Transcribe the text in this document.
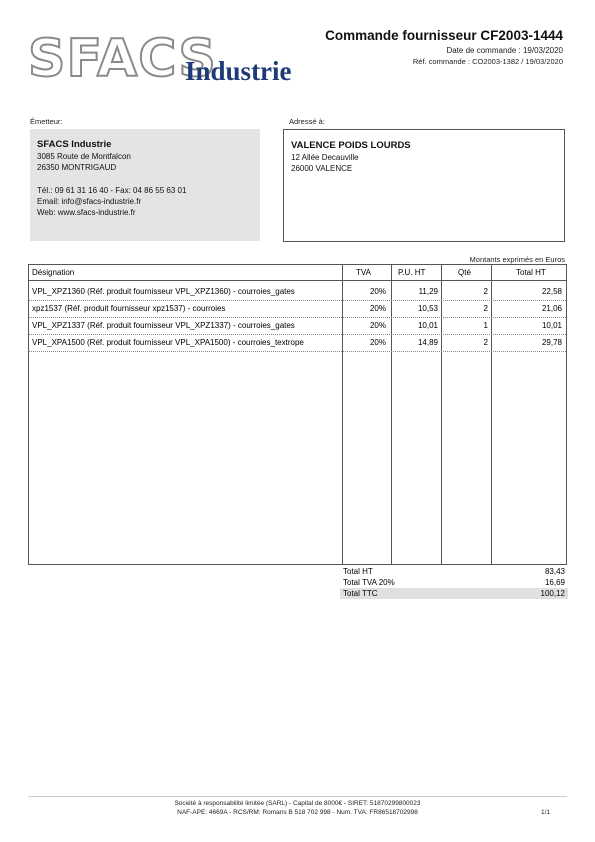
SFACS
Industrie
Commande fournisseur CF2003-1444
Date de commande : 19/03/2020
Réf. commande : CO2003-1382 / 19/03/2020
Émetteur:
SFACS Industrie
3085 Route de Montfalcon
26350 MONTRIGAUD
Tél.: 09 61 31 16 40 - Fax: 04 86 55 63 01
Email: info@sfacs-industrie.fr
Web: www.sfacs-industrie.fr
Adressé à:
VALENCE POIDS LOURDS
12 Allée Decauville
26000 VALENCE
Montants exprimés en Euros
Désignation	TVA	P.U. HT	Qté	Total HT
VPL_XPZ1360 (Réf. produit fournisseur VPL_XPZ1360) - courroies_gates	20%	11,29	2	22,58
xpz1537 (Réf. produit fournisseur xpz1537) - courroies	20%	10,53	2	21,06
VPL_XPZ1337 (Réf. produit fournisseur VPL_XPZ1337) - courroies_gates	20%	10,01	1	10,01
VPL_XPA1500 (Réf. produit fournisseur VPL_XPA1500) - courroies_textrope	20%	14,89	2	29,78
Total HT	83,43
Total TVA 20%	16,69
Total TTC	100,12
Société à responsabilité limitée (SARL) - Capital de 8000€ - SIRET: 51870299800023
NAF-APE: 4669A - RCS/RM: Romans B 518 702 998 - Num. TVA: FR86518702998	1/1
